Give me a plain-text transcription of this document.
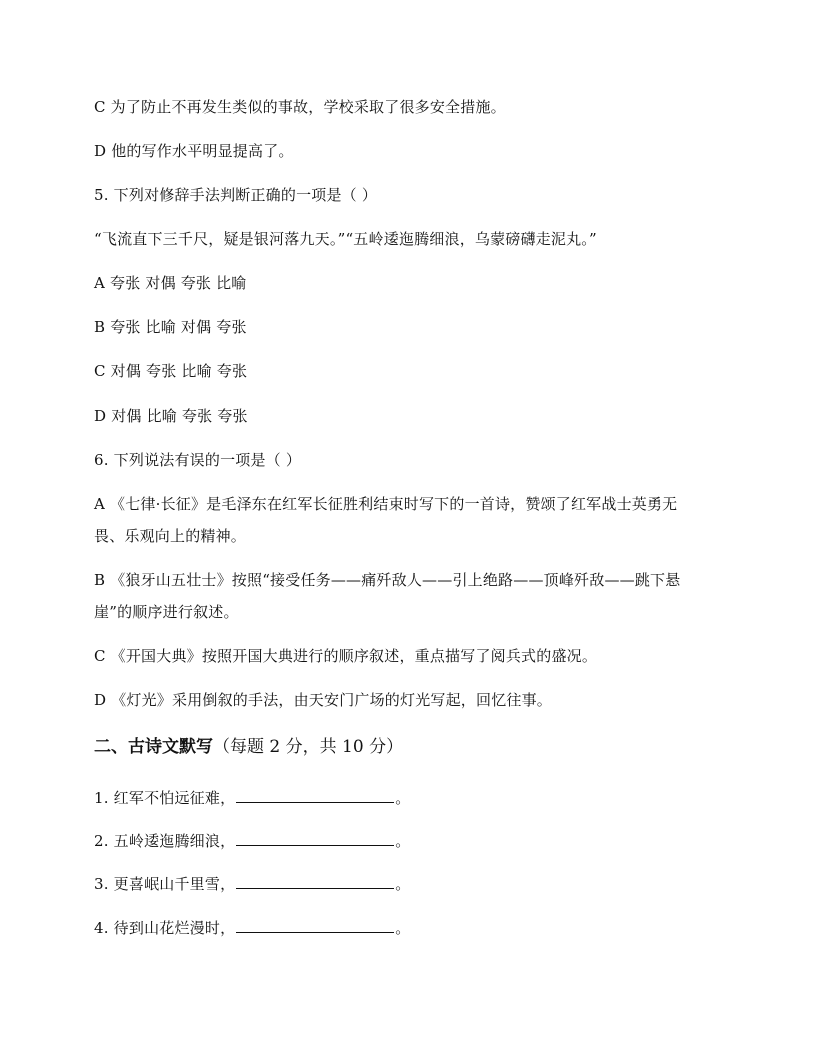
C 为了防止不再发生类似的事故，学校采取了很多安全措施。
D 他的写作水平明显提高了。
5. 下列对修辞手法判断正确的一项是（ ）
“飞流直下三千尺，疑是银河落九天。”“五岭逶迤腾细浪，乌蒙磅礴走泥丸。”
A 夸张 对偶 夸张 比喻
B 夸张 比喻 对偶 夸张
C 对偶 夸张 比喻 夸张
D 对偶 比喻 夸张 夸张
6. 下列说法有误的一项是（ ）
A 《七律·长征》是毛泽东在红军长征胜利结束时写下的一首诗，赞颂了红军战士英勇无
畏、乐观向上的精神。
B 《狼牙山五壮士》按照“接受任务——痛歼敌人——引上绝路——顶峰歼敌——跳下悬
崖”的顺序进行叙述。
C 《开国大典》按照开国大典进行的顺序叙述，重点描写了阅兵式的盛况。
D 《灯光》采用倒叙的手法，由天安门广场的灯光写起，回忆往事。
二、古诗文默写（每题 2 分，共 10 分）
1. 红军不怕远征难，	。
2. 五岭逶迤腾细浪，	。
3. 更喜岷山千里雪，	。
4. 待到山花烂漫时，	。
